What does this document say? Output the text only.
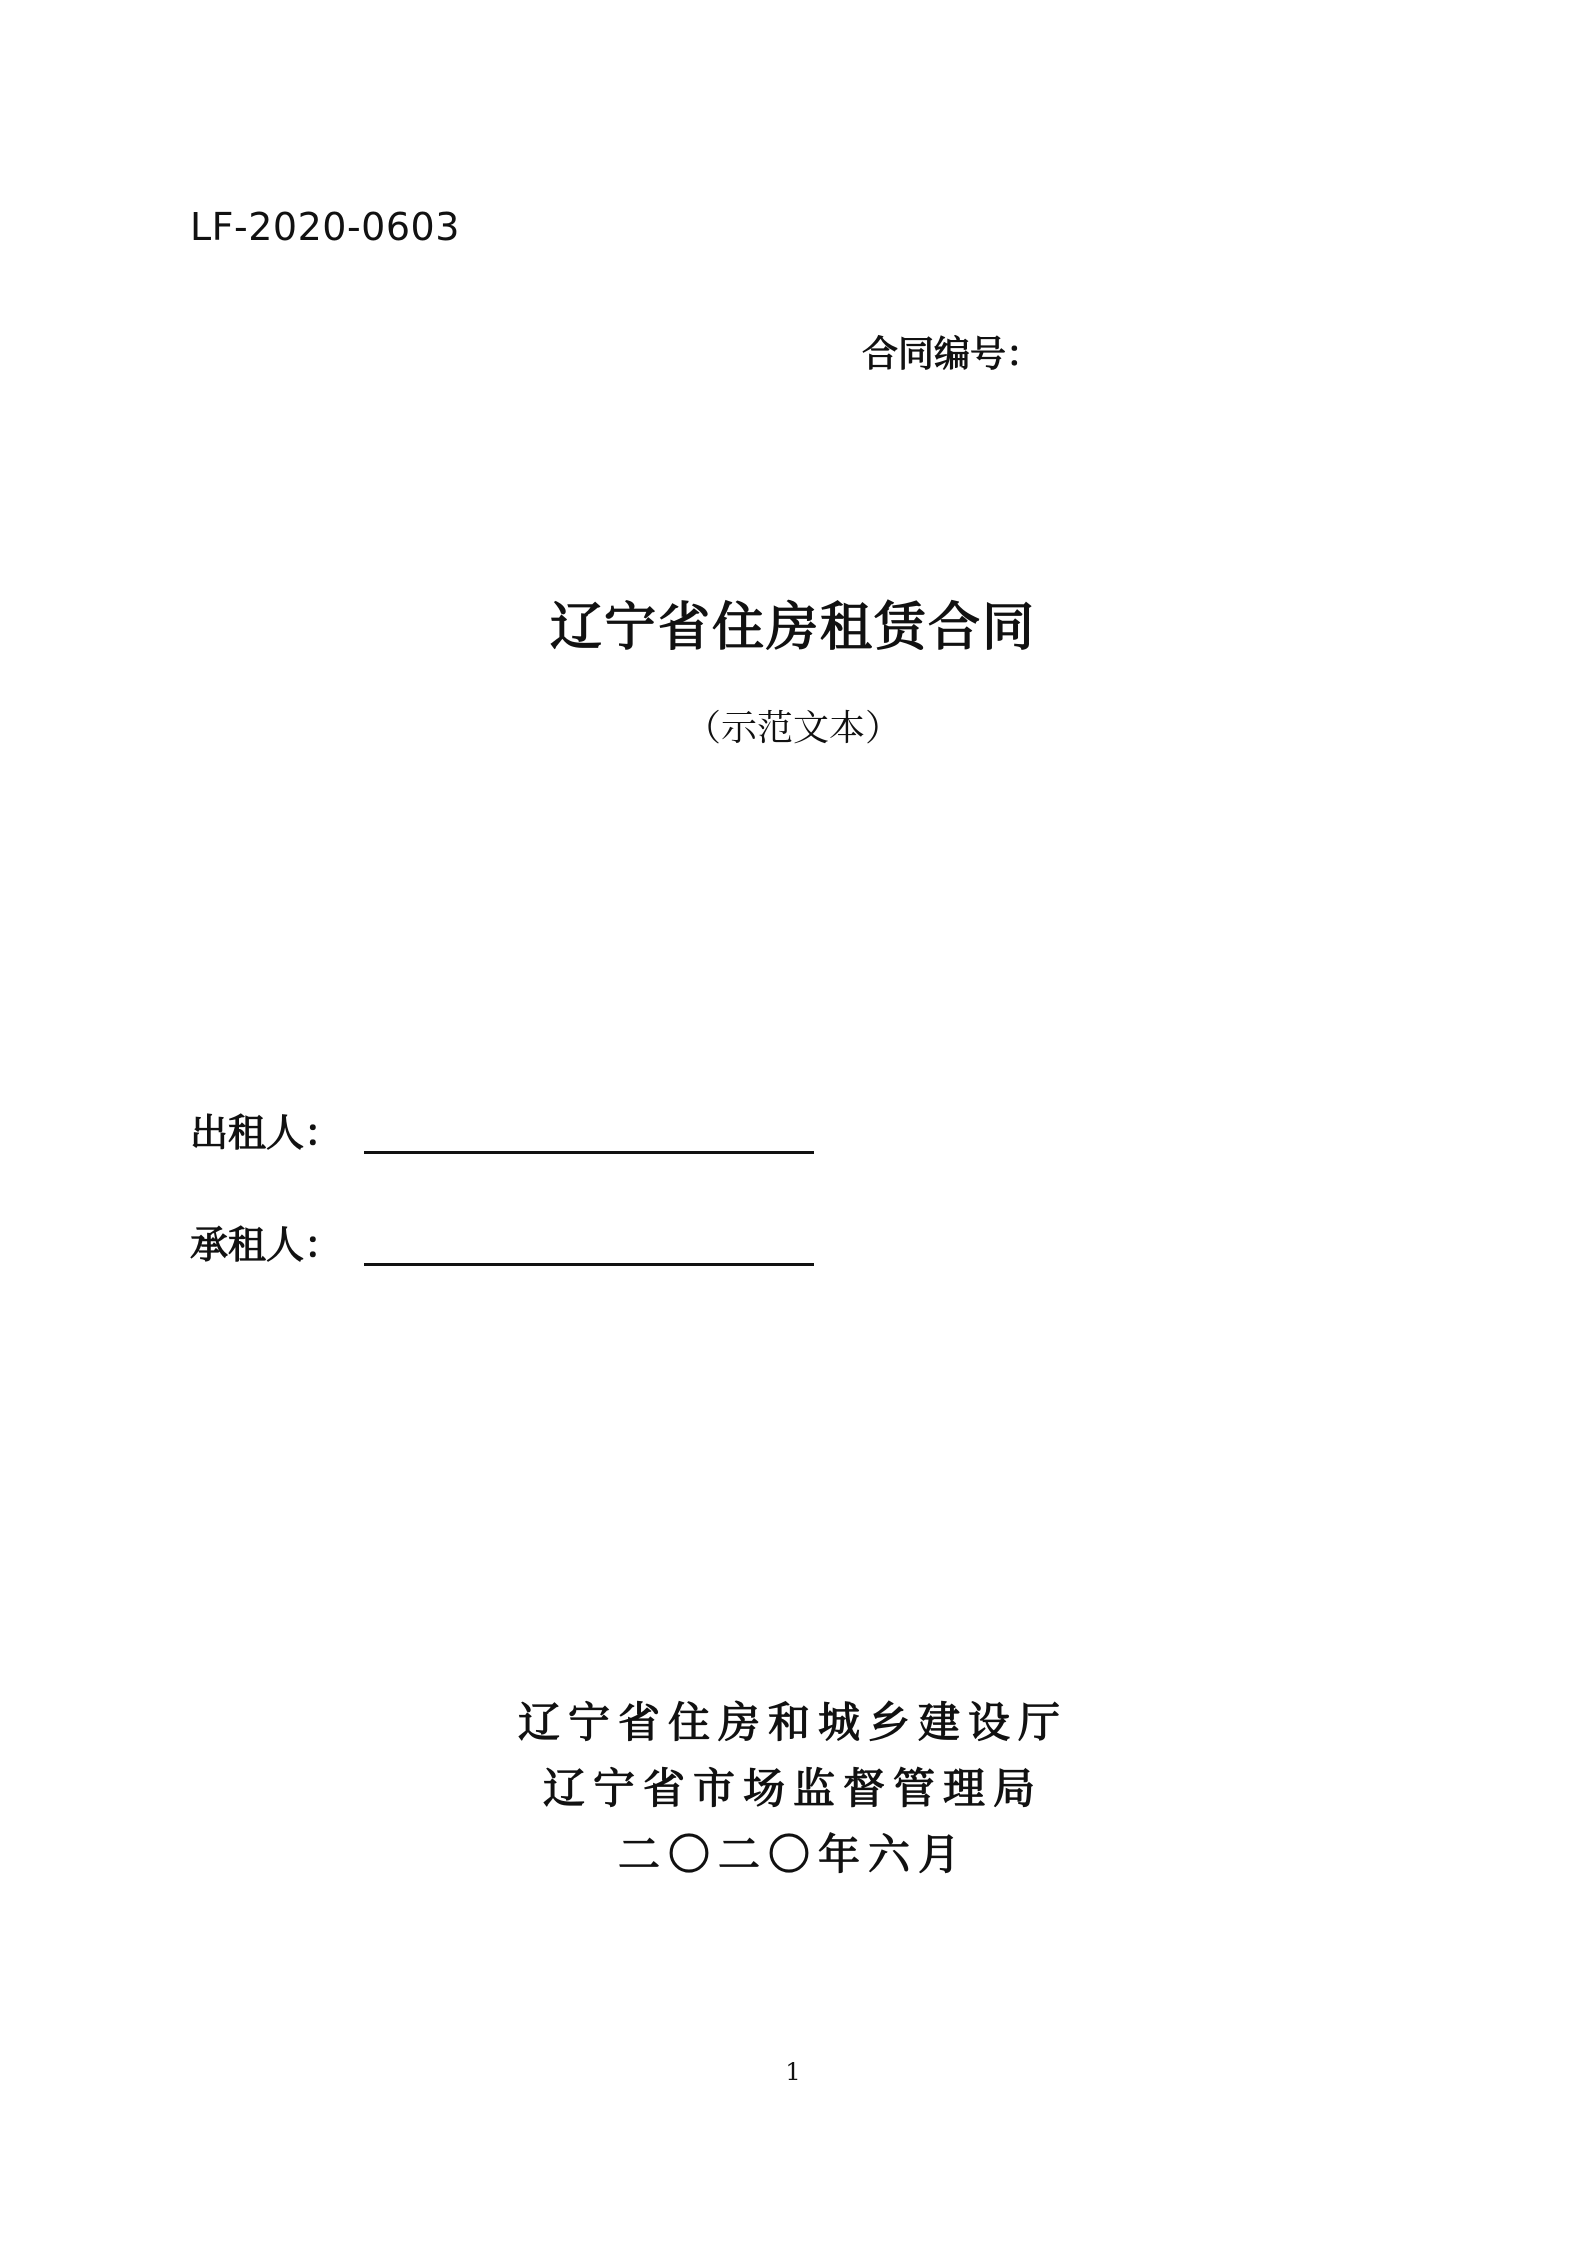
LF-2020-0603
合同编号：
辽宁省住房租赁合同
（示范文本）
出租人：
承租人：
辽宁省住房和城乡建设厅
辽宁省市场监督管理局
二〇二〇年六月
1
